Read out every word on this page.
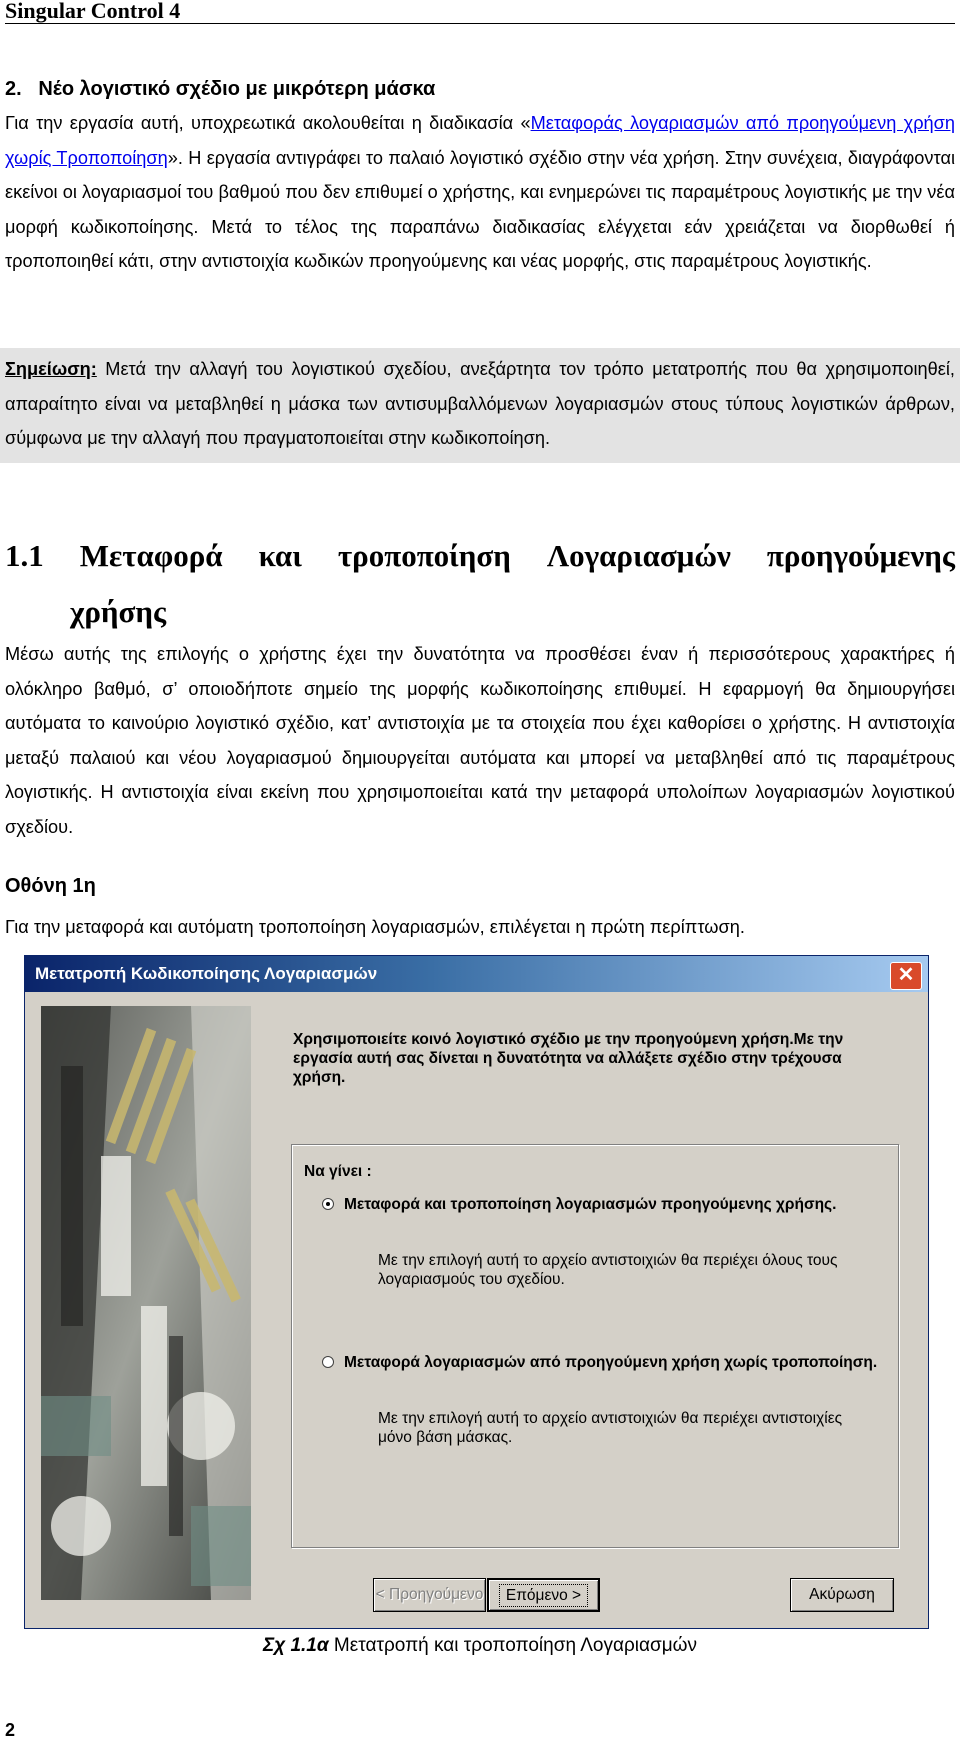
Singular Control 4
2. Νέο λογιστικό σχέδιο με μικρότερη μάσκα
Για την εργασία αυτή, υποχρεωτικά ακολουθείται η διαδικασία «Μεταφοράς λογαριασμών από προηγούμενη χρήση χωρίς Τροποποίηση». Η εργασία αντιγράφει το παλαιό λογιστικό σχέδιο στην νέα χρήση. Στην συνέχεια, διαγράφονται εκείνοι οι λογαριασμοί του βαθμού που δεν επιθυμεί ο χρήστης, και ενημερώνει τις παραμέτρους λογιστικής με την νέα μορφή κωδικοποίησης. Μετά το τέλος της παραπάνω διαδικασίας ελέγχεται εάν χρειάζεται να διορθωθεί ή τροποποιηθεί κάτι, στην αντιστοιχία κωδικών προηγούμενης και νέας μορφής, στις παραμέτρους λογιστικής.
Σημείωση: Μετά την αλλαγή του λογιστικού σχεδίου, ανεξάρτητα τον τρόπο μετατροπής που θα χρησιμοποιηθεί, απαραίτητο είναι να μεταβληθεί η μάσκα των αντισυμβαλλόμενων λογαριασμών στους τύπους λογιστικών άρθρων, σύμφωνα με την αλλαγή που πραγματοποιείται στην κωδικοποίηση.
1.1 Μεταφορά και τροποποίηση Λογαριασμών προηγούμενης
χρήσης
Μέσω αυτής της επιλογής ο χρήστης έχει την δυνατότητα να προσθέσει έναν ή περισσότερους χαρακτήρες ή ολόκληρο βαθμό, σ’ οποιοδήποτε σημείο της μορφής κωδικοποίησης επιθυμεί. Η εφαρμογή θα δημιουργήσει αυτόματα το καινούριο λογιστικό σχέδιο, κατ’ αντιστοιχία με τα στοιχεία που έχει καθορίσει ο χρήστης. Η αντιστοιχία μεταξύ παλαιού και νέου λογαριασμού δημιουργείται αυτόματα και μπορεί να μεταβληθεί από τις παραμέτρους λογιστικής. Η αντιστοιχία είναι εκείνη που χρησιμοποιείται κατά την μεταφορά υπολοίπων λογαριασμών λογιστικού σχεδίου.
Οθόνη 1η
Για την μεταφορά και αυτόματη τροποποίηση λογαριασμών, επιλέγεται η πρώτη περίπτωση.
Μετατροπή Κωδικοποίησης Λογαριασμών	✕
Χρησιμοποιείτε κοινό λογιστικό σχέδιο με την προηγούμενη χρήση.Με την εργασία αυτή σας δίνεται η δυνατότητα να αλλάξετε σχέδιο στην τρέχουσα χρήση.
Να γίνει :
Μεταφορά και τροποποίηση λογαριασμών προηγούμενης χρήσης.
Με την επιλογή αυτή το αρχείο αντιστοιχιών θα περιέχει όλους τους λογαριασμούς του σχεδίου.
Μεταφορά λογαριασμών από προηγούμενη χρήση χωρίς τροποποίηση.
Με την επιλογή αυτή το αρχείο αντιστοιχιών θα περιέχει αντιστοιχίες μόνο βάση μάσκας.
< Προηγούμενο	Επόμενο >	Ακύρωση
Σχ 1.1α Μετατροπή και τροποποίηση Λογαριασμών
2
